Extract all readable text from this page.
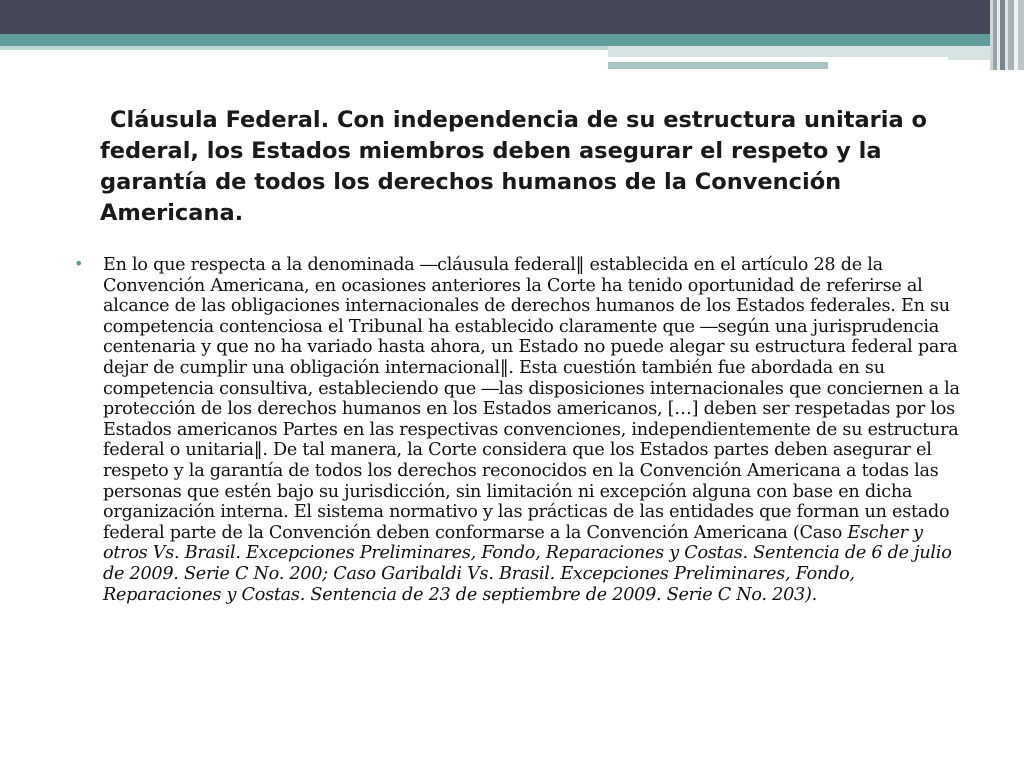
Cláusula Federal. Con independencia de su estructura unitaria o federal, los Estados miembros deben asegurar el respeto y la garantía de todos los derechos humanos de la Convención Americana.
• En lo que respecta a la denominada ―cláusula federal‖ establecida en el artículo 28 de la Convención Americana, en ocasiones anteriores la Corte ha tenido oportunidad de referirse al alcance de las obligaciones internacionales de derechos humanos de los Estados federales. En su competencia contenciosa el Tribunal ha establecido claramente que ―según una jurisprudencia centenaria y que no ha variado hasta ahora, un Estado no puede alegar su estructura federal para dejar de cumplir una obligación internacional‖. Esta cuestión también fue abordada en su competencia consultiva, estableciendo que ―las disposiciones internacionales que conciernen a la protección de los derechos humanos en los Estados americanos, […] deben ser respetadas por los Estados americanos Partes en las respectivas convenciones, independientemente de su estructura federal o unitaria‖. De tal manera, la Corte considera que los Estados partes deben asegurar el respeto y la garantía de todos los derechos reconocidos en la Convención Americana a todas las personas que estén bajo su jurisdicción, sin limitación ni excepción alguna con base en dicha organización interna. El sistema normativo y las prácticas de las entidades que forman un estado federal parte de la Convención deben conformarse a la Convención Americana (Caso Escher y otros Vs. Brasil. Excepciones Preliminares, Fondo, Reparaciones y Costas. Sentencia de 6 de julio de 2009. Serie C No. 200; Caso Garibaldi Vs. Brasil. Excepciones Preliminares, Fondo, Reparaciones y Costas. Sentencia de 23 de septiembre de 2009. Serie C No. 203).
